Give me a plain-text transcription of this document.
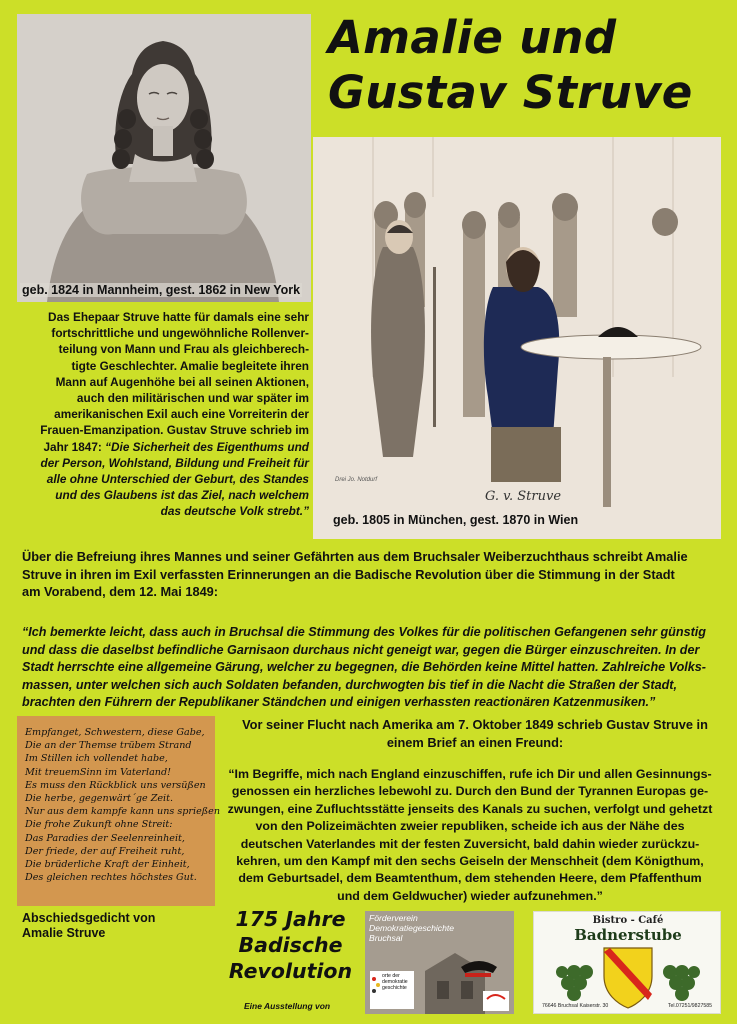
geb. 1824 in Mannheim, gest. 1862 in New York
Amalie und
Gustav Struve
G. v. Struve
Drei Jo. Notdurf
geb. 1805 in München, gest. 1870 in Wien
Das Ehepaar Struve hatte für damals eine sehr
fortschrittliche und ungewöhnliche Rollenver-
teilung von Mann und Frau als gleichberech-
tigte Geschlechter. Amalie begleitete ihren
Mann auf Augenhöhe bei all seinen Aktionen,
auch den militärischen und war später im
amerikanischen Exil auch eine Vorreiterin der
Frauen-Emanzipation. Gustav Struve schrieb im
Jahr 1847: “Die Sicherheit des Eigenthums und
der Person, Wohlstand, Bildung und Freiheit für
alle ohne Unterschied der Geburt, des Standes
und des Glaubens ist das Ziel, nach welchem
das deutsche Volk strebt.”
Über die Befreiung ihres Mannes und seiner Gefährten aus dem Bruchsaler Weiberzuchthaus schreibt Amalie
Struve in ihren im Exil verfassten Erinnerungen an die Badische Revolution über die Stimmung in der Stadt
am Vorabend, dem 12. Mai 1849:
“Ich bemerkte leicht, dass auch in Bruchsal die Stimmung des Volkes für die politischen Gefangenen sehr günstig
und dass die daselbst befindliche Garnisaon durchaus nicht geneigt war, gegen die Bürger einzuschreiten. In der
Stadt herrschte eine allgemeine Gärung, welcher zu begegnen, die Behörden keine Mittel hatten. Zahlreiche Volks-
massen, unter welchen sich auch Soldaten befanden, durchwogten bis tief in die Nacht die Straßen der Stadt,
brachten den Führern der Republikaner Ständchen und einigen verhassten reactionären Katzenmusiken.”
Empfanget, Schwestern, diese Gabe,
Die an der Themse trübem Strand
Im Stillen ich vollendet habe,
Mit treuemSinn im Vaterland!
Es muss den Rückblick uns versüßen
Die herbe, gegenwärt´ge Zeit.
Nur aus dem kampfe kann uns sprießen
Die frohe Zukunft ohne Streit:
Das Paradies der Seelenreinheit,
Der friede, der auf Freiheit ruht,
Die brüderliche Kraft der Einheit,
Des gleichen rechtes höchstes Gut.
Abschiedsgedicht von
Amalie Struve
Vor seiner Flucht nach Amerika am 7. Oktober 1849 schrieb Gustav Struve in
einem Brief an einen Freund:
“Im Begriffe, mich nach England einzuschiffen, rufe ich Dir und allen Gesinnungs-
genossen ein herzliches lebewohl zu. Durch den Bund der Tyrannen Europas ge-
zwungen, eine Zufluchtsstätte jenseits des Kanals zu suchen, verfolgt und gehetzt
von den Polizeimächten zweier republiken, scheide ich aus der Nähe des
deutschen Vaterlandes mit der festen Zuversicht, bald dahin wieder zurückzu-
kehren, um den Kampf mit den sechs Geiseln der Menschheit (dem Königthum,
dem Geburtsadel, dem Beamtenthum, dem stehenden Heere, dem Pfaffenthum
und dem Geldwucher) wieder aufzunehmen.”
175 Jahre
Badische
Revolution
Eine Ausstellung von
Förderverein Demokratiegeschichte Bruchsal
orte der
demokratie
geschichte
Bistro - Café
Badnerstube
76646 Bruchsal Kaiserstr. 30	Tel.07251/9827585
